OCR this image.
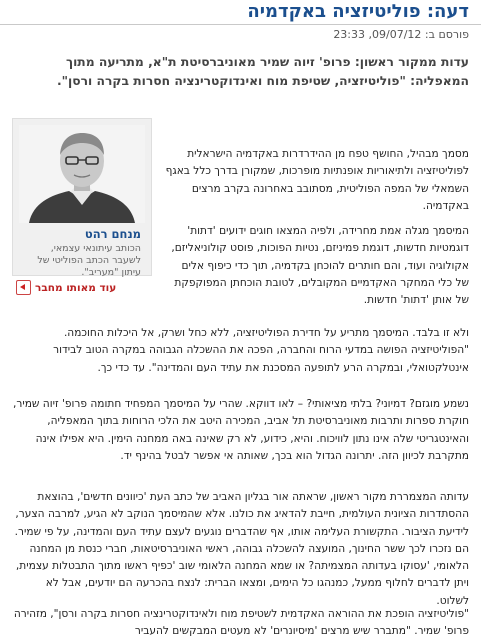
דעה: פוליטיזציה באקדמיה
פורסם ב: 09/07/12, 23:33

עדות ממקור ראשון: פרופ' זיוה שמיר מאוניברסיטת ת"א, מתריעה מתוך המאפליה: "פוליטיזציה, שטיפת מוח ואינדוקטרינציה חסרות בקרה ורסן".

מנחם רהט
הכותב עיתונאי עצמאי, לשעבר הכתב הפוליטי של עיתון "מעריב".
עוד מאותו מחבר

מסמך מבהיל, החושף טפח מן ההידרדרות באקדמיה הישראלית לפוליטיזציה ולתיאוריות אופנתיות מופרכות, שמקורן בדרך כלל באגף השמאלי של המפה הפוליטית, מסתובב באחרונה בקרב מרצים באקדמיה.

המיסמך מגלה אמת מחרידה, ולפיה המצאו חוגים ידועים 'דתות' דוגמטיות חדשות, דוגמת פמיניזם, נטיות הפוכות, פוסט קולוניאליזם, אקולוגיה ועוד, והם חותרים להוכחן בקדמיה, תוך כדי כיפוף אלים של כלי המחקר האקדמיים המקובלים, לטובת הוכחתן המפוקפקת של אותן 'דתות' חדשות.

ולא זו בלבד. המיסמך מתריע על חדירת הפוליטיזציה, ללא כחל ושרק, אל היכלות החוכמה. "הפוליטיזציה הפושה במדעי הרוח והחברה, הפכה את ההשכלה הגבוהה במקרה הטוב לבידור אינטלקטואלי, ובמקרה הרע לתופעה המסכנת את עתיד העם והמדינה". עד כדי כך.

נשמע מוגזם? דמיוני? בלתי מציאותי? – לאו דווקא. שהרי על המיסמך המפחיד חתומה פרופ' זיוה שמיר, חוקרת ספרות ותרבות מאוניברסיטת תל אביב, המכירה היטב את הלכי הרוחות בתוך המאפליה, והאינטגריטי שלה אינו נתון לוויכוח. והיא, כידוע, לא רק שאינה באה ממחנה הימין. היא אפילו אינה מתקרבת לכיוון הזה. יתרונה הגדול הוא בכך, שאותה אי אפשר לבטל בהינף יד.

עדותה המצמררת מקור ראשון, שראתה אור בגליון האביב של כתב העת 'כיוונים חדשים', בהוצאת ההסתדרות הציונית העולמית, חייבת להדאיג את כולנו. אלא שהמיסמך הנוקב לא הגיע, למרבה הצער, לידיעת הציבור. התקשורת העלימה אותו, אף שהדברים נוגעים לעצם עתיד העם והמדינה, על פי שמיר. הם נזכרו לכך ששר החינוך, המועצה להשכלה גבוהה, ראשי האוניברסיטאות, חברי כנסת מן המחנה הלאומי, 'עסוקו בעדותה המצמיתה? או שמא המחנה הלאומי שוב 'כפיף ראשו מתוך התבטלות עצמית, ויתן לדברים לחלוף ממעל, כמנהגו כל הימים, ומצאו הברית: לנצח בהכרעה הם יודעים, אבל לא לשלוט.

"פוליטיזציה הופכת את ההוראה האקדמית לשטיפת מוח ולאינדוקטרינציה חסרות בקרה ורסן", מזהירה פרופ' שמיר. "מתברר שיש מרצים 'מיסיונרים' לא מעטים המבקשים להעביר
